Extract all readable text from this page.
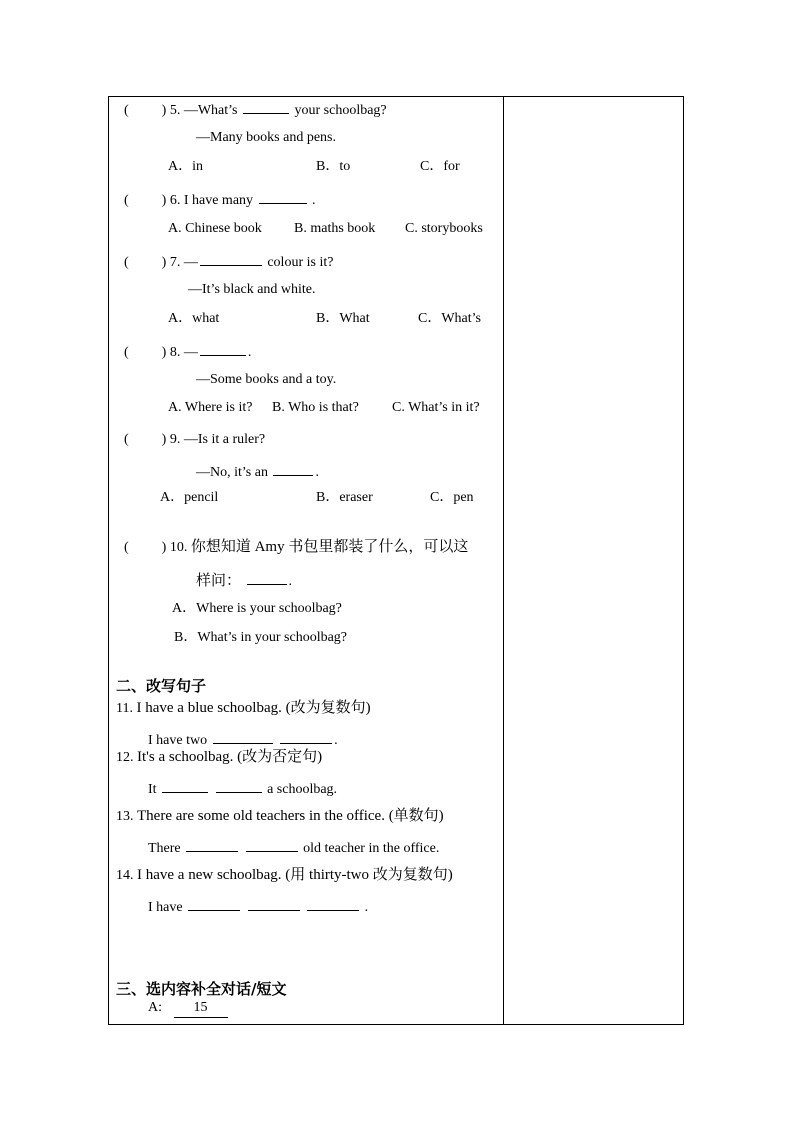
( ) 5. —What’s	your schoolbag?
—Many books and pens.
A．in	B．to	C．for
( ) 6. I have many	.
A. Chinese book B. maths book C. storybooks
( ) 7. —	colour is it?
—It’s black and white.
A．what	B．What	C．What’s
( ) 8. —	.
—Some books and a toy.
A. Where is it? B. Who is that? C. What’s in it?
( ) 9. —Is it a ruler?
—No, it’s an	.
A．pencil	B．eraser	C．pen
( ) 10. 你想知道 Amy 书包里都装了什么，可以这
样问：	.
A．Where is your schoolbag?
B．What’s in your schoolbag?
二、改写句子
11. I have a blue schoolbag. (改为复数句)
I have two	.
12. It's a schoolbag. (改为否定句)
It	a schoolbag.
13. There are some old teachers in the office. (单数句)
There	old teacher in the office.
14. I have a new schoolbag. (用 thirty-two 改为复数句)
I have	.
三、选内容补全对话/短文
A: 15
